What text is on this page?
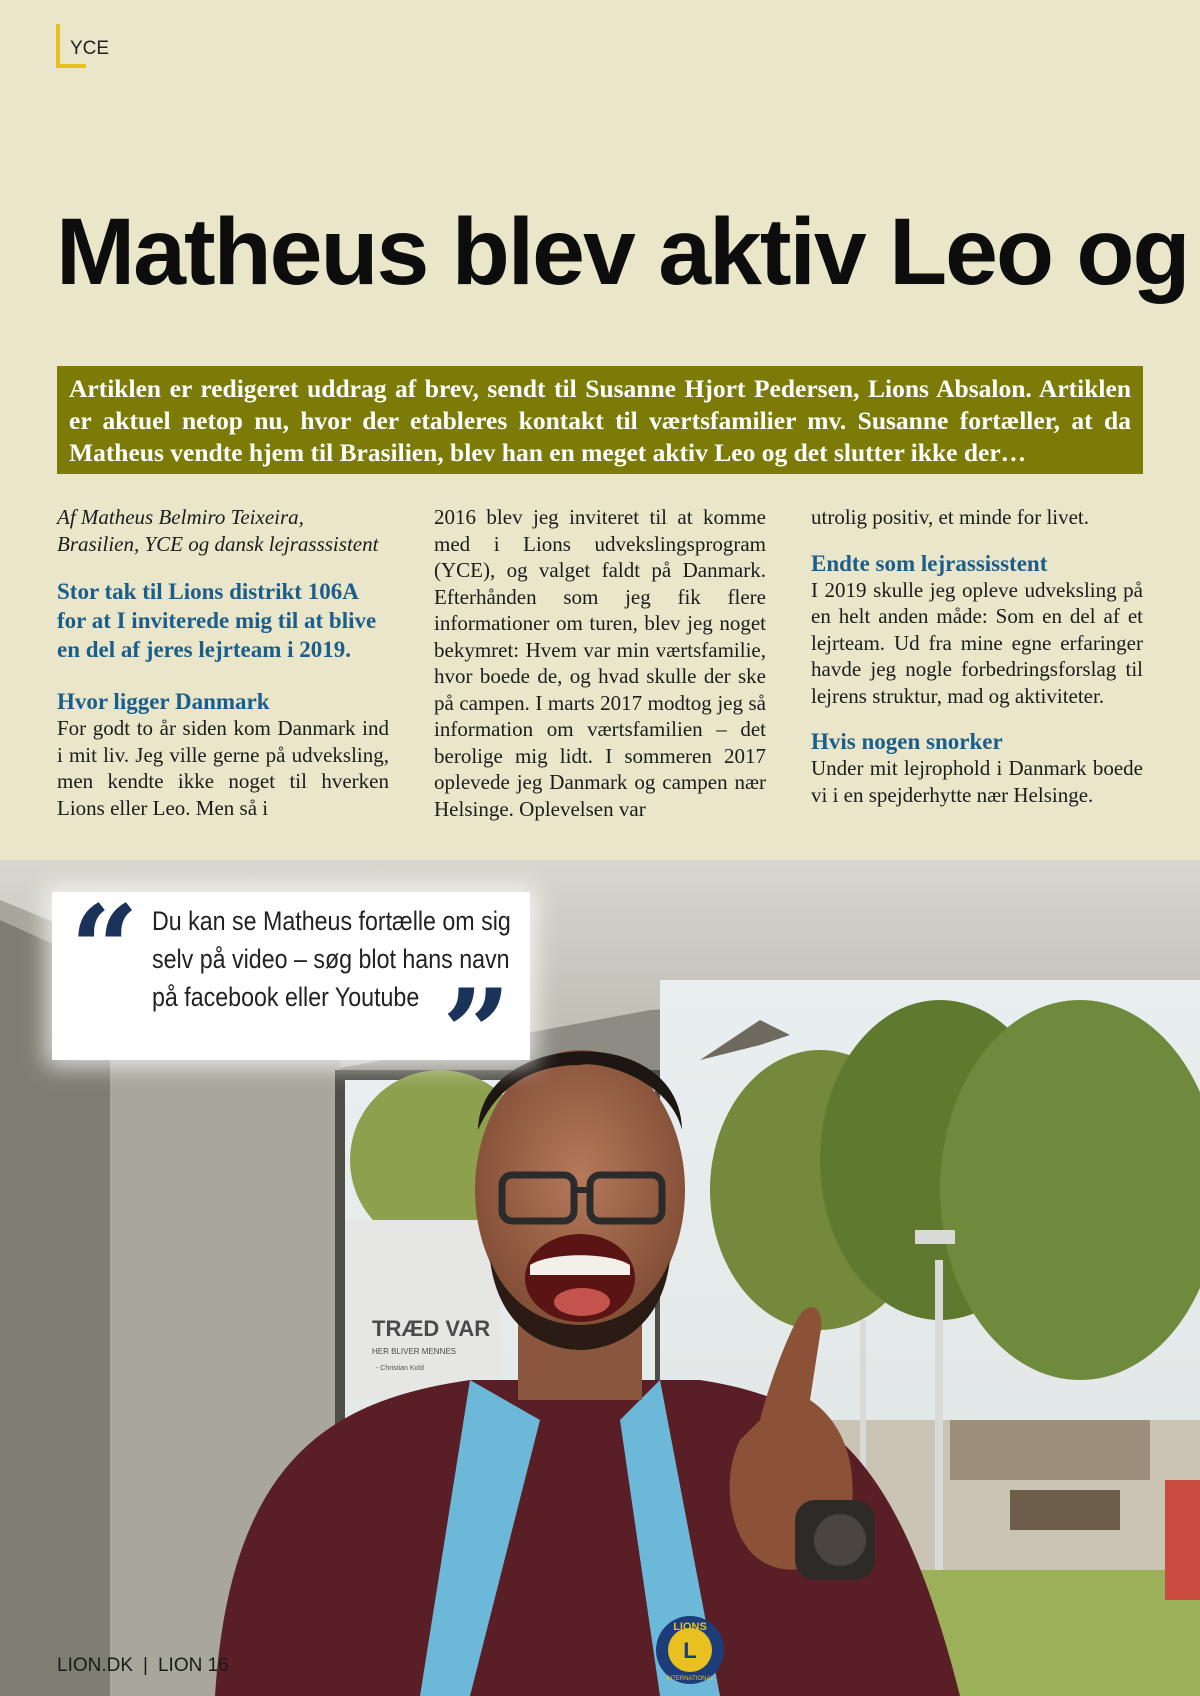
YCE
Matheus blev aktiv Leo og

Artiklen er redigeret uddrag af brev, sendt til Susanne Hjort Pedersen, Lions Absalon. Artiklen er aktuel netop nu, hvor der etableres kontakt til værtsfamilier mv. Susanne fortæller, at da Matheus vendte hjem til Brasilien, blev han en meget aktiv Leo og det slutter ikke der…

Af Matheus Belmiro Teixeira, Brasilien, YCE og dansk lejrasssistent

Stor tak til Lions distrikt 106A for at I inviterede mig til at blive en del af jeres lejrteam i 2019.

Hvor ligger Danmark

For godt to år siden kom Danmark ind i mit liv. Jeg ville gerne på udveksling, men kendte ikke noget til hverken Lions eller Leo. Men så i

2016 blev jeg inviteret til at komme med i Lions udvekslingsprogram (YCE), og valget faldt på Danmark. Efterhånden som jeg fik flere informationer om turen, blev jeg noget bekymret: Hvem var min værtsfamilie, hvor boede de, og hvad skulle der ske på campen. I marts 2017 modtog jeg så information om værtsfamilien – det berolige mig lidt. I sommeren 2017 oplevede jeg Danmark og campen nær Helsinge. Oplevelsen var

utrolig positiv, et minde for livet.

Endte som lejrassisstent

I 2019 skulle jeg opleve udveksling på en helt anden måde: Som en del af et lejrteam. Ud fra mine egne erfaringer havde jeg nogle forbedringsforslag til lejrens struktur, mad og aktiviteter.

Hvis nogen snorker

Under mit lejrophold i Danmark boede vi i en spejderhytte nær Helsinge.

TRÆD VAR
HER BLIVER MENNES
- Christian Kold
LIONS
L
INTERNATIONAL
“ Du kan se Matheus fortælle om sig selv på video – søg blot hans navn på facebook eller Youtube ”
LION.DK | LION 16
